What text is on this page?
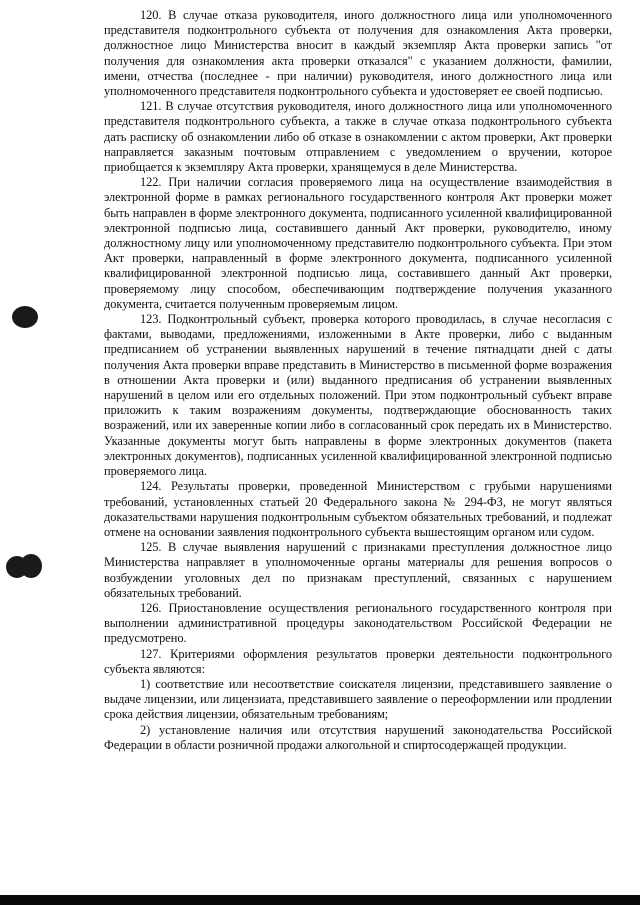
120. В случае отказа руководителя, иного должностного лица или уполномоченного представителя подконтрольного субъекта от получения для ознакомления Акта проверки, должностное лицо Министерства вносит в каждый экземпляр Акта проверки запись "от получения для ознакомления акта проверки отказался" с указанием должности, фамилии, имени, отчества (последнее - при наличии) руководителя, иного должностного лица или уполномоченного представителя подконтрольного субъекта и удостоверяет ее своей подписью.

121. В случае отсутствия руководителя, иного должностного лица или уполномоченного представителя подконтрольного субъекта, а также в случае отказа подконтрольного субъекта дать расписку об ознакомлении либо об отказе в ознакомлении с актом проверки, Акт проверки направляется заказным почтовым отправлением с уведомлением о вручении, которое приобщается к экземпляру Акта проверки, хранящемуся в деле Министерства.

122. При наличии согласия проверяемого лица на осуществление взаимодействия в электронной форме в рамках регионального государственного контроля Акт проверки может быть направлен в форме электронного документа, подписанного усиленной квалифицированной электронной подписью лица, составившего данный Акт проверки, руководителю, иному должностному лицу или уполномоченному представителю подконтрольного субъекта. При этом Акт проверки, направленный в форме электронного документа, подписанного усиленной квалифицированной электронной подписью лица, составившего данный Акт проверки, проверяемому лицу способом, обеспечивающим подтверждение получения указанного документа, считается полученным проверяемым лицом.

123. Подконтрольный субъект, проверка которого проводилась, в случае несогласия с фактами, выводами, предложениями, изложенными в Акте проверки, либо с выданным предписанием об устранении выявленных нарушений в течение пятнадцати дней с даты получения Акта проверки вправе представить в Министерство в письменной форме возражения в отношении Акта проверки и (или) выданного предписания об устранении выявленных нарушений в целом или его отдельных положений. При этом подконтрольный субъект вправе приложить к таким возражениям документы, подтверждающие обоснованность таких возражений, или их заверенные копии либо в согласованный срок передать их в Министерство. Указанные документы могут быть направлены в форме электронных документов (пакета электронных документов), подписанных усиленной квалифицированной электронной подписью проверяемого лица.

124. Результаты проверки, проведенной Министерством с грубыми нарушениями требований, установленных статьей 20 Федерального закона № 294-ФЗ, не могут являться доказательствами нарушения подконтрольным субъектом обязательных требований, и подлежат отмене на основании заявления подконтрольного субъекта вышестоящим органом или судом.

125. В случае выявления нарушений с признаками преступления должностное лицо Министерства направляет в уполномоченные органы материалы для решения вопросов о возбуждении уголовных дел по признакам преступлений, связанных с нарушением обязательных требований.

126. Приостановление осуществления регионального государственного контроля при выполнении административной процедуры законодательством Российской Федерации не предусмотрено.

127. Критериями оформления результатов проверки деятельности подконтрольного субъекта являются:

1) соответствие или несоответствие соискателя лицензии, представившего заявление о выдаче лицензии, или лицензиата, представившего заявление о переоформлении или продлении срока действия лицензии, обязательным требованиям;

2) установление наличия или отсутствия нарушений законодательства Российской Федерации в области розничной продажи алкогольной и спиртосодержащей продукции.
